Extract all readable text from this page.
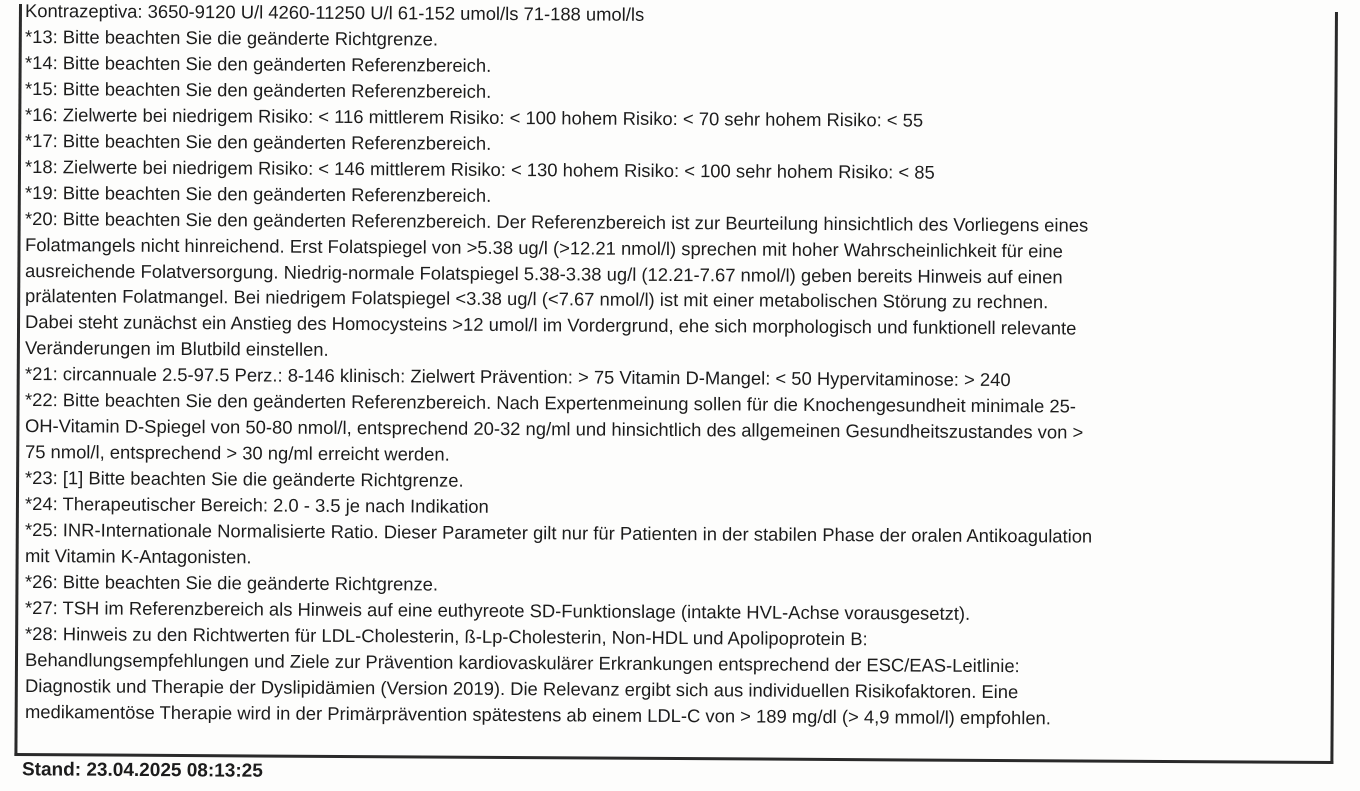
Kontrazeptiva: 3650-9120 U/l 4260-11250 U/l 61-152 umol/ls 71-188 umol/ls
*13: Bitte beachten Sie die geänderte Richtgrenze.
*14: Bitte beachten Sie den geänderten Referenzbereich.
*15: Bitte beachten Sie den geänderten Referenzbereich.
*16: Zielwerte bei niedrigem Risiko: < 116 mittlerem Risiko: < 100 hohem Risiko: < 70 sehr hohem Risiko: < 55
*17: Bitte beachten Sie den geänderten Referenzbereich.
*18: Zielwerte bei niedrigem Risiko: < 146 mittlerem Risiko: < 130 hohem Risiko: < 100 sehr hohem Risiko: < 85
*19: Bitte beachten Sie den geänderten Referenzbereich.
*20: Bitte beachten Sie den geänderten Referenzbereich. Der Referenzbereich ist zur Beurteilung hinsichtlich des Vorliegens eines
Folatmangels nicht hinreichend. Erst Folatspiegel von >5.38 ug/l (>12.21 nmol/l) sprechen mit hoher Wahrscheinlichkeit für eine
ausreichende Folatversorgung. Niedrig-normale Folatspiegel 5.38-3.38 ug/l (12.21-7.67 nmol/l) geben bereits Hinweis auf einen
prälatenten Folatmangel. Bei niedrigem Folatspiegel <3.38 ug/l (<7.67 nmol/l) ist mit einer metabolischen Störung zu rechnen.
Dabei steht zunächst ein Anstieg des Homocysteins >12 umol/l im Vordergrund, ehe sich morphologisch und funktionell relevante
Veränderungen im Blutbild einstellen.
*21: circannuale 2.5-97.5 Perz.: 8-146 klinisch: Zielwert Prävention: > 75 Vitamin D-Mangel: < 50 Hypervitaminose: > 240
*22: Bitte beachten Sie den geänderten Referenzbereich. Nach Expertenmeinung sollen für die Knochengesundheit minimale 25-
OH-Vitamin D-Spiegel von 50-80 nmol/l, entsprechend 20-32 ng/ml und hinsichtlich des allgemeinen Gesundheitszustandes von >
75 nmol/l, entsprechend > 30 ng/ml erreicht werden.
*23: [1] Bitte beachten Sie die geänderte Richtgrenze.
*24: Therapeutischer Bereich: 2.0 - 3.5 je nach Indikation
*25: INR-Internationale Normalisierte Ratio. Dieser Parameter gilt nur für Patienten in der stabilen Phase der oralen Antikoagulation
mit Vitamin K-Antagonisten.
*26: Bitte beachten Sie die geänderte Richtgrenze.
*27: TSH im Referenzbereich als Hinweis auf eine euthyreote SD-Funktionslage (intakte HVL-Achse vorausgesetzt).
*28: Hinweis zu den Richtwerten für LDL-Cholesterin, ß-Lp-Cholesterin, Non-HDL und Apolipoprotein B:
Behandlungsempfehlungen und Ziele zur Prävention kardiovaskulärer Erkrankungen entsprechend der ESC/EAS-Leitlinie:
Diagnostik und Therapie der Dyslipidämien (Version 2019). Die Relevanz ergibt sich aus individuellen Risikofaktoren. Eine
medikamentöse Therapie wird in der Primärprävention spätestens ab einem LDL-C von > 189 mg/dl (> 4,9 mmol/l) empfohlen.
Stand: 23.04.2025 08:13:25
